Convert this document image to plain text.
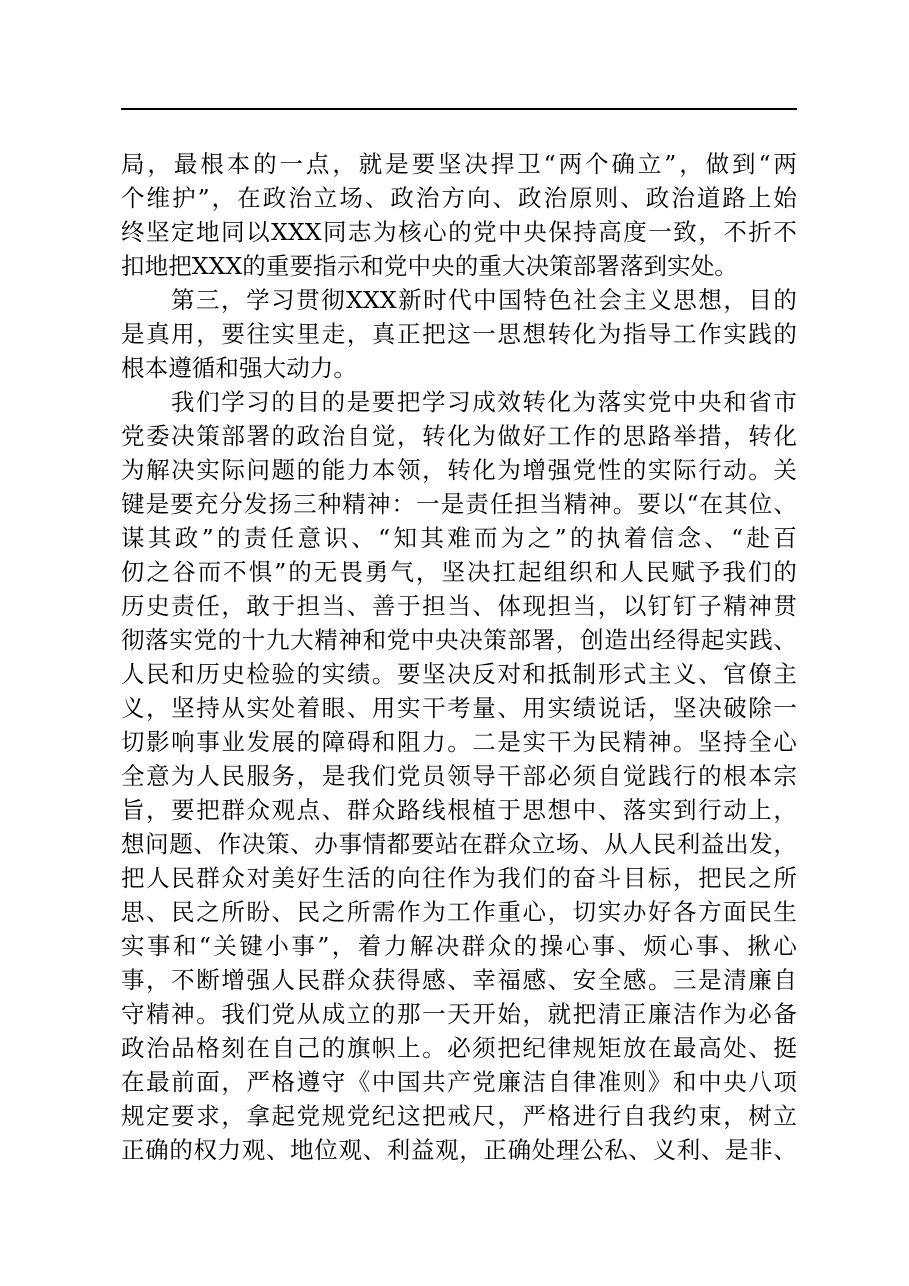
局，最根本的一点，就是要坚决捍卫“两个确立”，做到“两
个维护”，在政治立场、政治方向、政治原则、政治道路上始
终坚定地同以XXX同志为核心的党中央保持高度一致，不折不
扣地把XXX的重要指示和党中央的重大决策部署落到实处。
第三，学习贯彻XXX新时代中国特色社会主义思想，目的
是真用，要往实里走，真正把这一思想转化为指导工作实践的
根本遵循和强大动力。
我们学习的目的是要把学习成效转化为落实党中央和省市
党委决策部署的政治自觉，转化为做好工作的思路举措，转化
为解决实际问题的能力本领，转化为增强党性的实际行动。关
键是要充分发扬三种精神：一是责任担当精神。要以“在其位、
谋其政”的责任意识、“知其难而为之”的执着信念、“赴百
仞之谷而不惧”的无畏勇气，坚决扛起组织和人民赋予我们的
历史责任，敢于担当、善于担当、体现担当，以钉钉子精神贯
彻落实党的十九大精神和党中央决策部署，创造出经得起实践、
人民和历史检验的实绩。要坚决反对和抵制形式主义、官僚主
义，坚持从实处着眼、用实干考量、用实绩说话，坚决破除一
切影响事业发展的障碍和阻力。二是实干为民精神。坚持全心
全意为人民服务，是我们党员领导干部必须自觉践行的根本宗
旨，要把群众观点、群众路线根植于思想中、落实到行动上，
想问题、作决策、办事情都要站在群众立场、从人民利益出发，
把人民群众对美好生活的向往作为我们的奋斗目标，把民之所
思、民之所盼、民之所需作为工作重心，切实办好各方面民生
实事和“关键小事”，着力解决群众的操心事、烦心事、揪心
事，不断增强人民群众获得感、幸福感、安全感。三是清廉自
守精神。我们党从成立的那一天开始，就把清正廉洁作为必备
政治品格刻在自己的旗帜上。必须把纪律规矩放在最高处、挺
在最前面，严格遵守《中国共产党廉洁自律准则》和中央八项
规定要求，拿起党规党纪这把戒尺，严格进行自我约束，树立
正确的权力观、地位观、利益观，正确处理公私、义利、是非、
